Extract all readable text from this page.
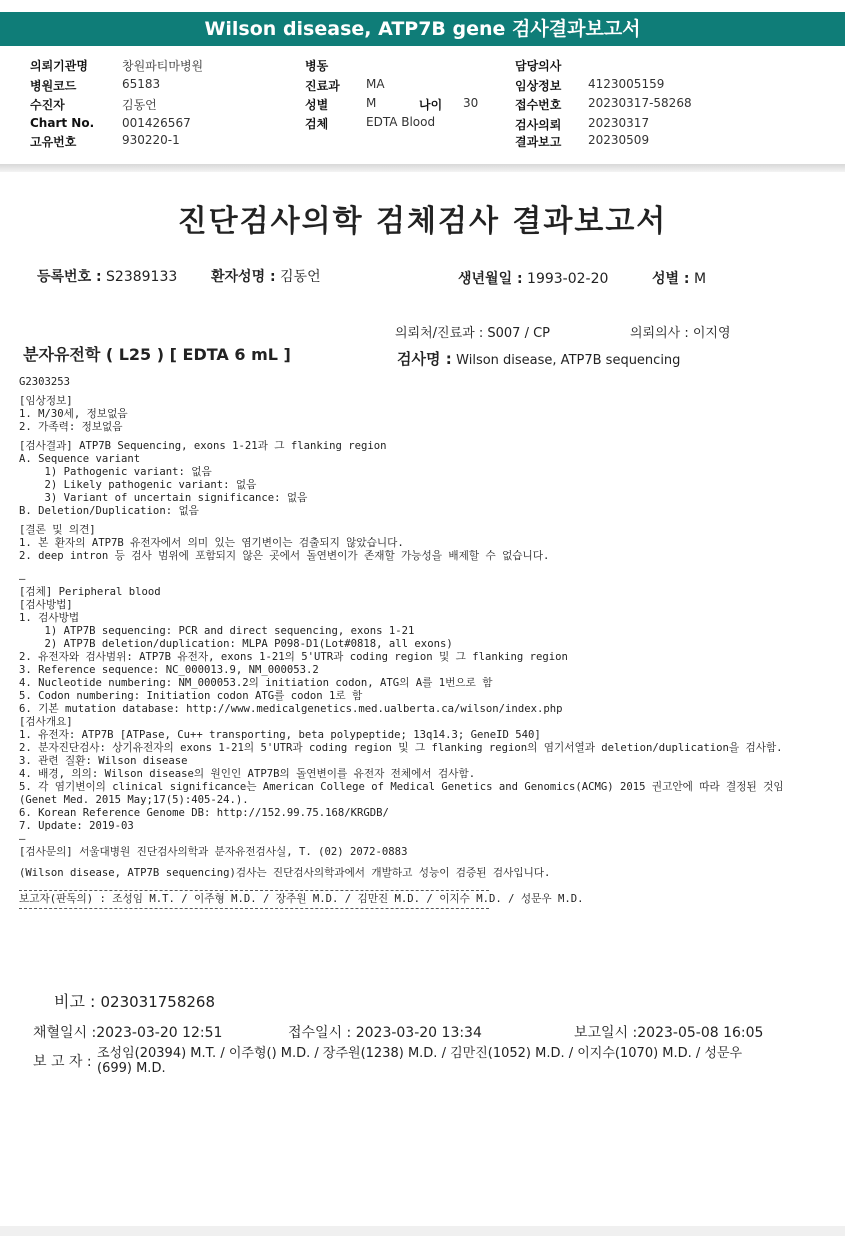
Wilson disease, ATP7B gene 검사결과보고서
의뢰기관명	창원파티마병원
병원코드	65183
수진자	김동언
Chart No. 001426567
고유번호	930220-1
병동
진료과 MA
성별	M	나이 30
검체	EDTA Blood
담당의사
임상정보 4123005159
접수번호 20230317-58268
검사의뢰 20230317
결과보고 20230509
진단검사의학 검체검사 결과보고서
등록번호 : S2389133 환자성명 : 김동언	생년월일 : 1993-02-20	성별 : M
의뢰처/진료과 : S007 / CP	의뢰의사 : 이지영
분자유전학 ( L25 ) [ EDTA 6 mL ]	검사명 : Wilson disease, ATP7B sequencing
G2303253
[임상정보]
1. M/30세, 정보없음
2. 가족력: 정보없음
[검사결과] ATP7B Sequencing, exons 1-21과 그 flanking region
A. Sequence variant
1) Pathogenic variant: 없음
2) Likely pathogenic variant: 없음
3) Variant of uncertain significance: 없음
B. Deletion/Duplication: 없음
[결론 및 의견]
1. 본 환자의 ATP7B 유전자에서 의미 있는 염기변이는 검출되지 않았습니다.
2. deep intron 등 검사 범위에 포함되지 않은 곳에서 돌연변이가 존재할 가능성을 배제할 수 없습니다.
—
[검체] Peripheral blood
[검사방법]
1. 검사방법
1) ATP7B sequencing: PCR and direct sequencing, exons 1-21
2) ATP7B deletion/duplication: MLPA P098-D1(Lot#0818, all exons)
2. 유전자와 검사범위: ATP7B 유전자, exons 1-21의 5'UTR과 coding region 및 그 flanking region
3. Reference sequence: NC_000013.9, NM_000053.2
4. Nucleotide numbering: NM_000053.2의 initiation codon, ATG의 A를 1번으로 함
5. Codon numbering: Initiation codon ATG를 codon 1로 함
6. 기본 mutation database: http://www.medicalgenetics.med.ualberta.ca/wilson/index.php
[검사개요]
1. 유전자: ATP7B [ATPase, Cu++ transporting, beta polypeptide; 13q14.3; GeneID 540]
2. 분자진단검사: 상기유전자의 exons 1-21의 5'UTR과 coding region 및 그 flanking region의 염기서열과 deletion/duplication을 검사함.
3. 관련 질환: Wilson disease
4. 배경, 의의: Wilson disease의 원인인 ATP7B의 돌연변이를 유전자 전체에서 검사함.
5. 각 염기변이의 clinical significance는 American College of Medical Genetics and Genomics(ACMG) 2015 권고안에 따라 결정된 것임 (Genet Med. 2015 May;17(5):405-24.).
6. Korean Reference Genome DB: http://152.99.75.168/KRGDB/
7. Update: 2019-03
—
[검사문의] 서울대병원 진단검사의학과 분자유전검사실, T. (02) 2072-0883
(Wilson disease, ATP7B sequencing)검사는 진단검사의학과에서 개발하고 성능이 검증된 검사입니다.
보고자(판독의) : 조성임 M.T. / 이주형 M.D. / 장주원 M.D. / 김만진 M.D. / 이지수 M.D. / 성문우 M.D.
비고 : 023031758268
채혈일시 :2023-03-20 12:51	접수일시 : 2023-03-20 13:34	보고일시 :2023-05-08 16:05
보 고 자 :
조성임(20394) M.T. / 이주형() M.D. / 장주원(1238) M.D. / 김만진(1052) M.D. / 이지수(1070) M.D. / 성문우
(699) M.D.
